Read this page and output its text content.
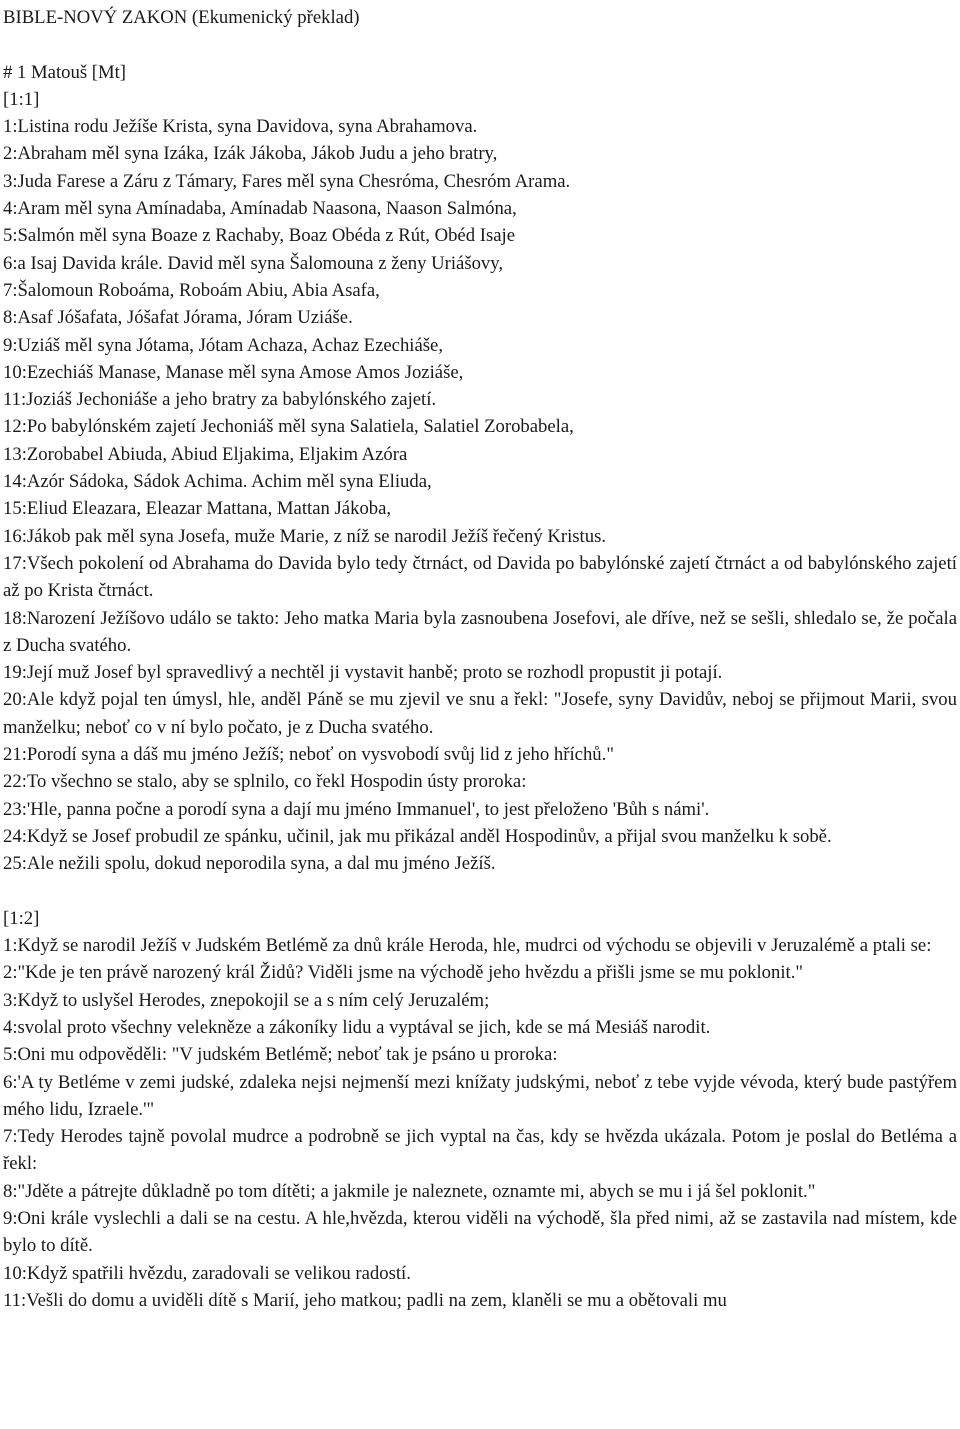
BIBLE-NOVÝ ZAKON (Ekumenický překlad)

# 1 Matouš [Mt]

[1:1]

1:Listina rodu Ježíše Krista, syna Davidova, syna Abrahamova.

2:Abraham měl syna Izáka, Izák Jákoba, Jákob Judu a jeho bratry,

3:Juda Farese a Záru z Támary, Fares měl syna Chesróma, Chesróm Arama.

4:Aram měl syna Amínadaba, Amínadab Naasona, Naason Salmóna,

5:Salmón měl syna Boaze z Rachaby, Boaz Obéda z Rút, Obéd Isaje

6:a Isaj Davida krále. David měl syna Šalomouna z ženy Uriášovy,

7:Šalomoun Roboáma, Roboám Abiu, Abia Asafa,

8:Asaf Jóšafata, Jóšafat Jórama, Jóram Uziáše.

9:Uziáš měl syna Jótama, Jótam Achaza, Achaz Ezechiáše,

10:Ezechiáš Manase, Manase měl syna Amose Amos Joziáše,

11:Joziáš Jechoniáše a jeho bratry za babylónského zajetí.

12:Po babylónském zajetí Jechoniáš měl syna Salatiela, Salatiel Zorobabela,

13:Zorobabel Abiuda, Abiud Eljakima, Eljakim Azóra

14:Azór Sádoka, Sádok Achima. Achim měl syna Eliuda,

15:Eliud Eleazara, Eleazar Mattana, Mattan Jákoba,

16:Jákob pak měl syna Josefa, muže Marie, z níž se narodil Ježíš řečený Kristus.

17:Všech pokolení od Abrahama do Davida bylo tedy čtrnáct, od Davida po babylónské zajetí čtrnáct a od babylónského zajetí až po Krista čtrnáct.

18:Narození Ježíšovo událo se takto: Jeho matka Maria byla zasnoubena Josefovi, ale dříve, než se sešli, shledalo se, že počala z Ducha svatého.

19:Její muž Josef byl spravedlivý a nechtěl ji vystavit hanbě; proto se rozhodl propustit ji potají.

20:Ale když pojal ten úmysl, hle, anděl Páně se mu zjevil ve snu a řekl: "Josefe, syny Davidův, neboj se přijmout Marii, svou manželku; neboť co v ní bylo počato, je z Ducha svatého.

21:Porodí syna a dáš mu jméno Ježíš; neboť on vysvobodí svůj lid z jeho hříchů."

22:To všechno se stalo, aby se splnilo, co řekl Hospodin ústy proroka:

23:'Hle, panna počne a porodí syna a dají mu jméno Immanuel', to jest přeloženo 'Bůh s námi'.

24:Když se Josef probudil ze spánku, učinil, jak mu přikázal anděl Hospodinův, a přijal svou manželku k sobě.

25:Ale nežili spolu, dokud neporodila syna, a dal mu jméno Ježíš.

[1:2]

1:Když se narodil Ježíš v Judském Betlémě za dnů krále Heroda, hle, mudrci od východu se objevili v Jeruzalémě a ptali se:

2:"Kde je ten právě narozený král Židů? Viděli jsme na východě jeho hvězdu a přišli jsme se mu poklonit."

3:Když to uslyšel Herodes, znepokojil se a s ním celý Jeruzalém;

4:svolal proto všechny velekněze a zákoníky lidu a vyptával se jich, kde se má Mesiáš narodit.

5:Oni mu odpověděli: "V judském Betlémě; neboť tak je psáno u proroka:

6:'A ty Betléme v zemi judské, zdaleka nejsi nejmenší mezi knížaty judskými, neboť z tebe vyjde vévoda, který bude pastýřem mého lidu, Izraele.'"

7:Tedy Herodes tajně povolal mudrce a podrobně se jich vyptal na čas, kdy se hvězda ukázala. Potom je poslal do Betléma a řekl:

8:"Jděte a pátrejte důkladně po tom dítěti; a jakmile je naleznete, oznamte mi, abych se mu i já šel poklonit."

9:Oni krále vyslechli a dali se na cestu. A hle,hvězda, kterou viděli na východě, šla před nimi, až se zastavila nad místem, kde bylo to dítě.

10:Když spatřili hvězdu, zaradovali se velikou radostí.

11:Vešli do domu a uviděli dítě s Marií, jeho matkou; padli na zem, klaněli se mu a obětovali mu
